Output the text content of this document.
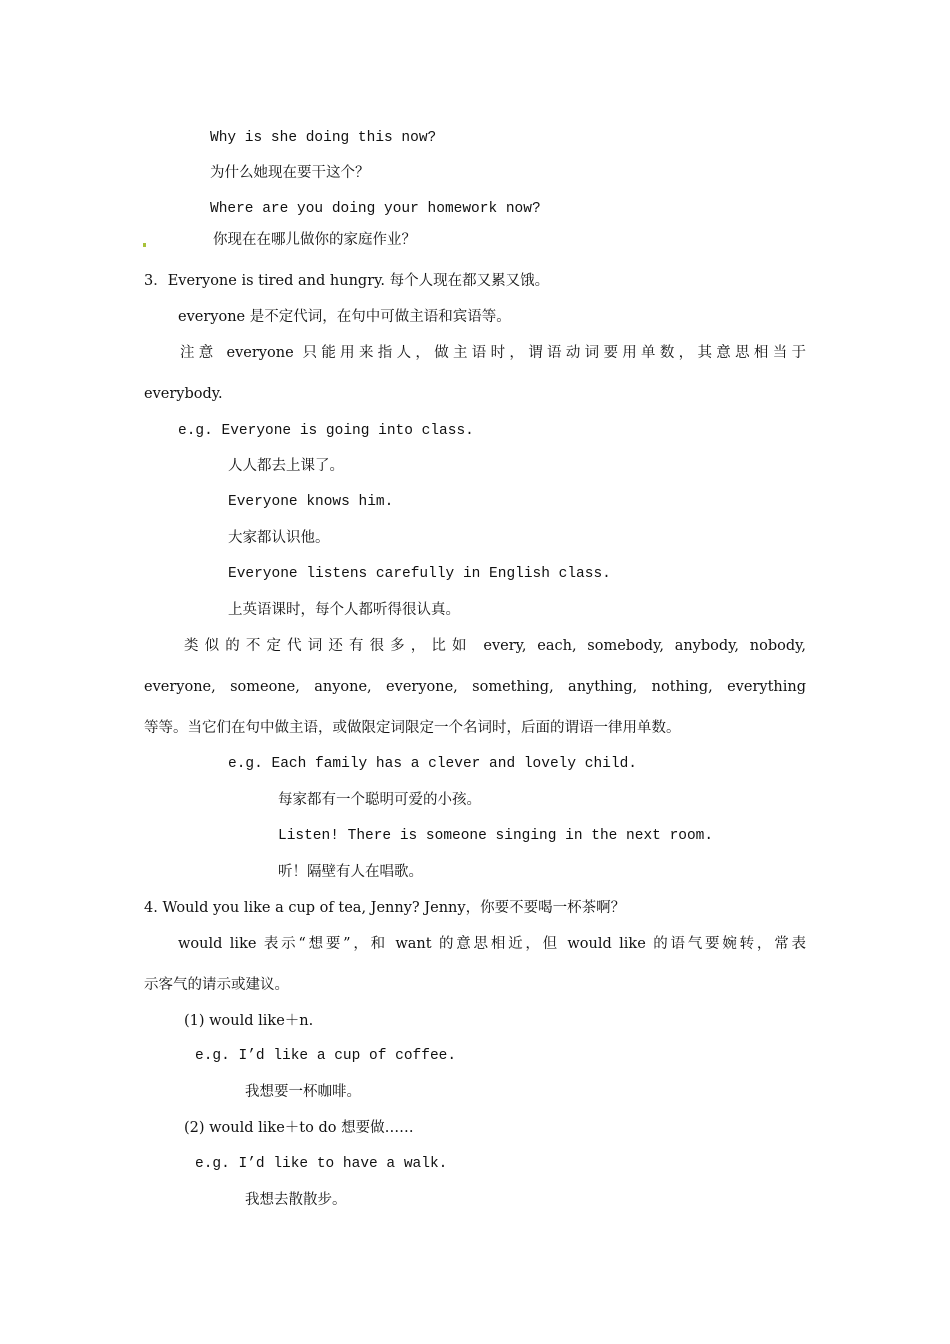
Why is she doing this now?
为什么她现在要干这个？
Where are you doing your homework now?
你现在在哪儿做你的家庭作业？
3．Everyone is tired and hungry. 每个人现在都又累又饿。
everyone 是不定代词，在句中可做主语和宾语等。
注意 everyone 只能用来指人，做主语时，谓语动词要用单数，其意思相当于
everybody.
e.g. Everyone is going into class.
人人都去上课了。
Everyone knows him.
大家都认识他。
Everyone listens carefully in English class.
上英语课时，每个人都听得很认真。
类似的不定代词还有很多，比如 every, each, somebody, anybody, nobody,
everyone, someone, anyone, everyone, something, anything, nothing, everything
等等。当它们在句中做主语，或做限定词限定一个名词时，后面的谓语一律用单数。
e.g. Each family has a clever and lovely child.
每家都有一个聪明可爱的小孩。
Listen! There is someone singing in the next room.
听！隔壁有人在唱歌。
4. Would you like a cup of tea, Jenny? Jenny，你要不要喝一杯茶啊？
would like 表示“想要”，和 want 的意思相近，但 would like 的语气要婉转，常表
示客气的请示或建议。
(1) would like＋n.
e.g. I’d like a cup of coffee.
我想要一杯咖啡。
(2) would like＋to do 想要做……
e.g. I’d like to have a walk.
我想去散散步。
